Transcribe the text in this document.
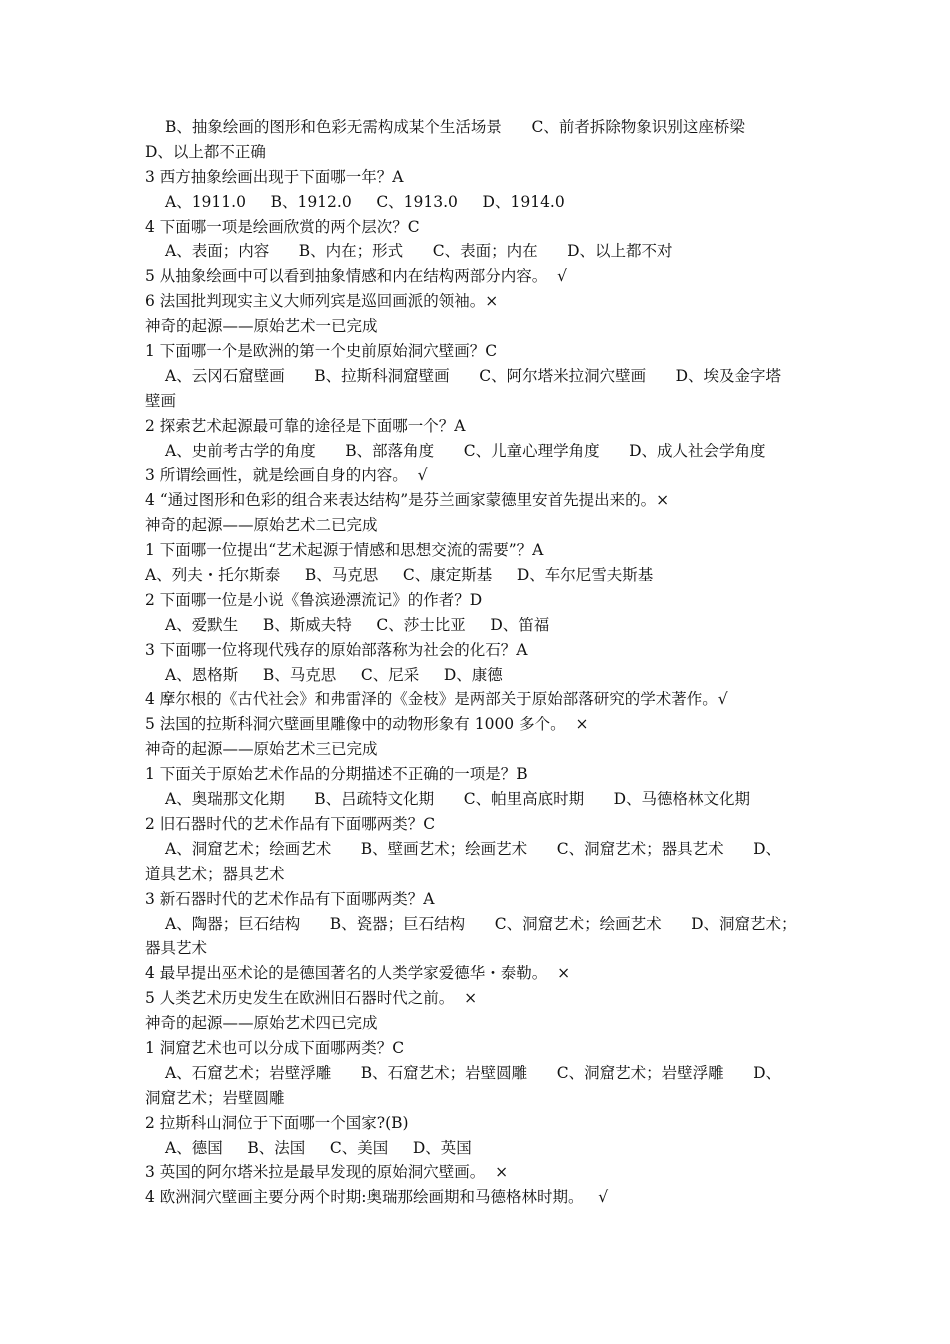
B、抽象绘画的图形和色彩无需构成某个生活场景      C、前者拆除物象识别这座桥梁
D、以上都不正确
3 西方抽象绘画出现于下面哪一年？A
A、1911.0     B、1912.0     C、1913.0     D、1914.0
4 下面哪一项是绘画欣赏的两个层次？C
A、表面；内容      B、内在；形式      C、表面；内在      D、以上都不对
5 从抽象绘画中可以看到抽象情感和内在结构两部分内容。  √
6 法国批判现实主义大师列宾是巡回画派的领袖。×
神奇的起源——原始艺术一已完成
1 下面哪一个是欧洲的第一个史前原始洞穴壁画？C
A、云冈石窟壁画      B、拉斯科洞窟壁画      C、阿尔塔米拉洞穴壁画      D、埃及金字塔
壁画
2 探索艺术起源最可靠的途径是下面哪一个？A
A、史前考古学的角度      B、部落角度      C、儿童心理学角度      D、成人社会学角度
3 所谓绘画性，就是绘画自身的内容。  √
4 “通过图形和色彩的组合来表达结构”是芬兰画家蒙德里安首先提出来的。×
神奇的起源——原始艺术二已完成
1 下面哪一位提出“艺术起源于情感和思想交流的需要”？A
A、列夫・托尔斯泰     B、马克思     C、康定斯基     D、车尔尼雪夫斯基
2 下面哪一位是小说《鲁滨逊漂流记》的作者？D
A、爱默生     B、斯威夫特     C、莎士比亚     D、笛福
3 下面哪一位将现代残存的原始部落称为社会的化石？A
A、恩格斯     B、马克思     C、尼采     D、康德
4 摩尔根的《古代社会》和弗雷泽的《金枝》是两部关于原始部落研究的学术著作。√
5 法国的拉斯科洞穴壁画里雕像中的动物形象有 1000 多个。  ×
神奇的起源——原始艺术三已完成
1 下面关于原始艺术作品的分期描述不正确的一项是？B
A、奥瑞那文化期      B、吕疏特文化期      C、帕里高底时期      D、马德格林文化期
2 旧石器时代的艺术作品有下面哪两类？C
A、洞窟艺术；绘画艺术      B、壁画艺术；绘画艺术      C、洞窟艺术；器具艺术      D、
道具艺术；器具艺术
3 新石器时代的艺术作品有下面哪两类？A
A、陶器；巨石结构      B、瓷器；巨石结构      C、洞窟艺术；绘画艺术      D、洞窟艺术；
器具艺术
4 最早提出巫术论的是德国著名的人类学家爱德华・泰勒。  ×
5 人类艺术历史发生在欧洲旧石器时代之前。  ×
神奇的起源——原始艺术四已完成
1 洞窟艺术也可以分成下面哪两类？C
A、石窟艺术；岩壁浮雕      B、石窟艺术；岩壁圆雕      C、洞窟艺术；岩壁浮雕      D、
洞窟艺术；岩壁圆雕
2 拉斯科山洞位于下面哪一个国家?(B)
A、德国     B、法国     C、美国     D、英国
3 英国的阿尔塔米拉是最早发现的原始洞穴壁画。  ×
4 欧洲洞穴壁画主要分两个时期:奥瑞那绘画期和马德格林时期。   √
